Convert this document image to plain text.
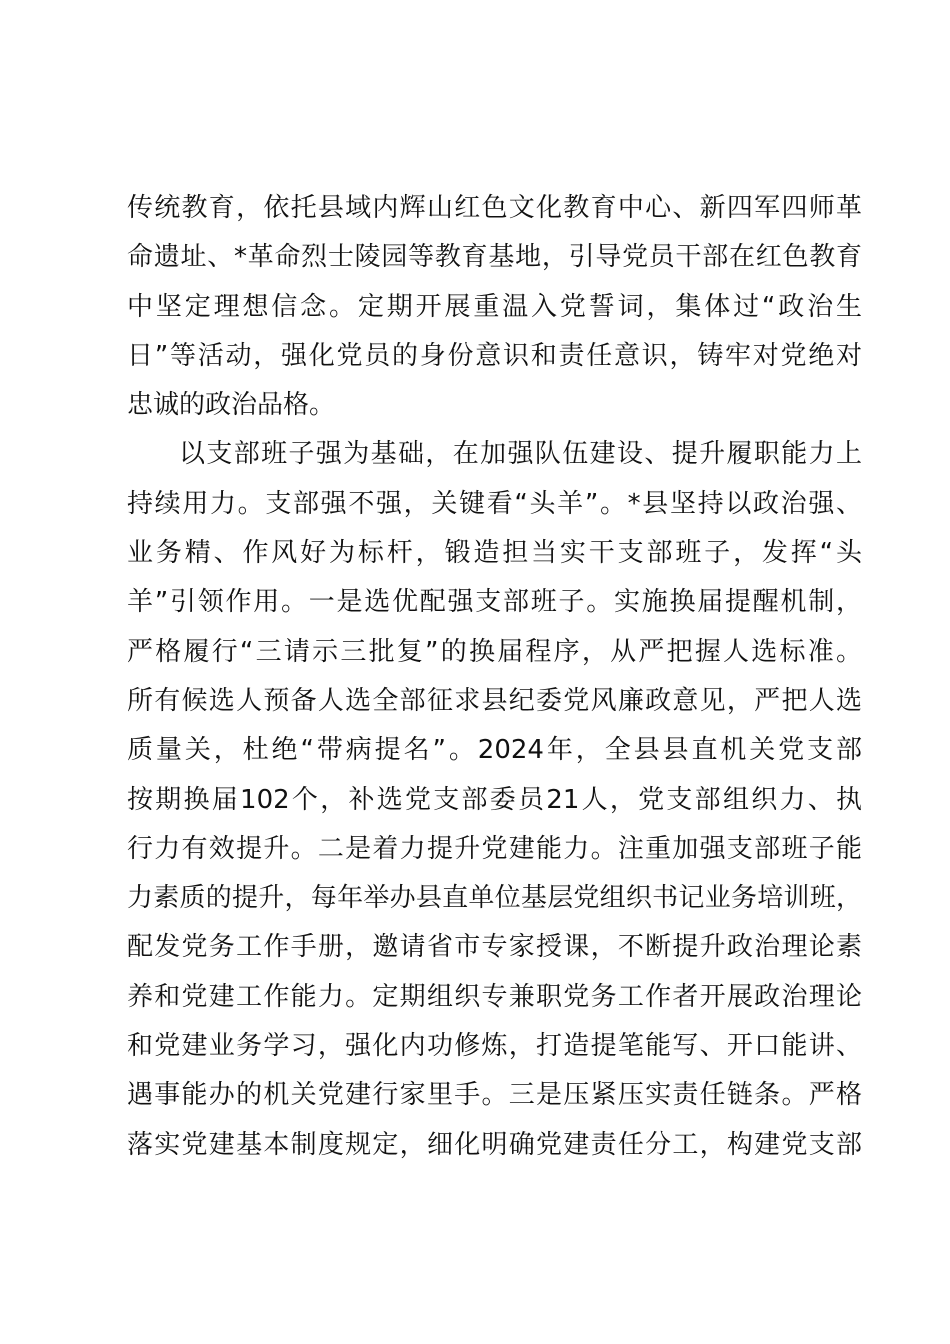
传统教育，依托县域内辉山红色文化教育中心、新四军四师革
命遗址、*革命烈士陵园等教育基地，引导党员干部在红色教育
中坚定理想信念。定期开展重温入党誓词，集体过“政治生
日”等活动，强化党员的身份意识和责任意识，铸牢对党绝对
忠诚的政治品格。
以支部班子强为基础，在加强队伍建设、提升履职能力上
持续用力。支部强不强，关键看“头羊”。*县坚持以政治强、
业务精、作风好为标杆，锻造担当实干支部班子，发挥“头
羊”引领作用。一是选优配强支部班子。实施换届提醒机制，
严格履行“三请示三批复”的换届程序，从严把握人选标准。
所有候选人预备人选全部征求县纪委党风廉政意见，严把人选
质量关，杜绝“带病提名”。2024年，全县县直机关党支部
按期换届102个，补选党支部委员21人，党支部组织力、执
行力有效提升。二是着力提升党建能力。注重加强支部班子能
力素质的提升，每年举办县直单位基层党组织书记业务培训班，
配发党务工作手册，邀请省市专家授课，不断提升政治理论素
养和党建工作能力。定期组织专兼职党务工作者开展政治理论
和党建业务学习，强化内功修炼，打造提笔能写、开口能讲、
遇事能办的机关党建行家里手。三是压紧压实责任链条。严格
落实党建基本制度规定，细化明确党建责任分工，构建党支部
